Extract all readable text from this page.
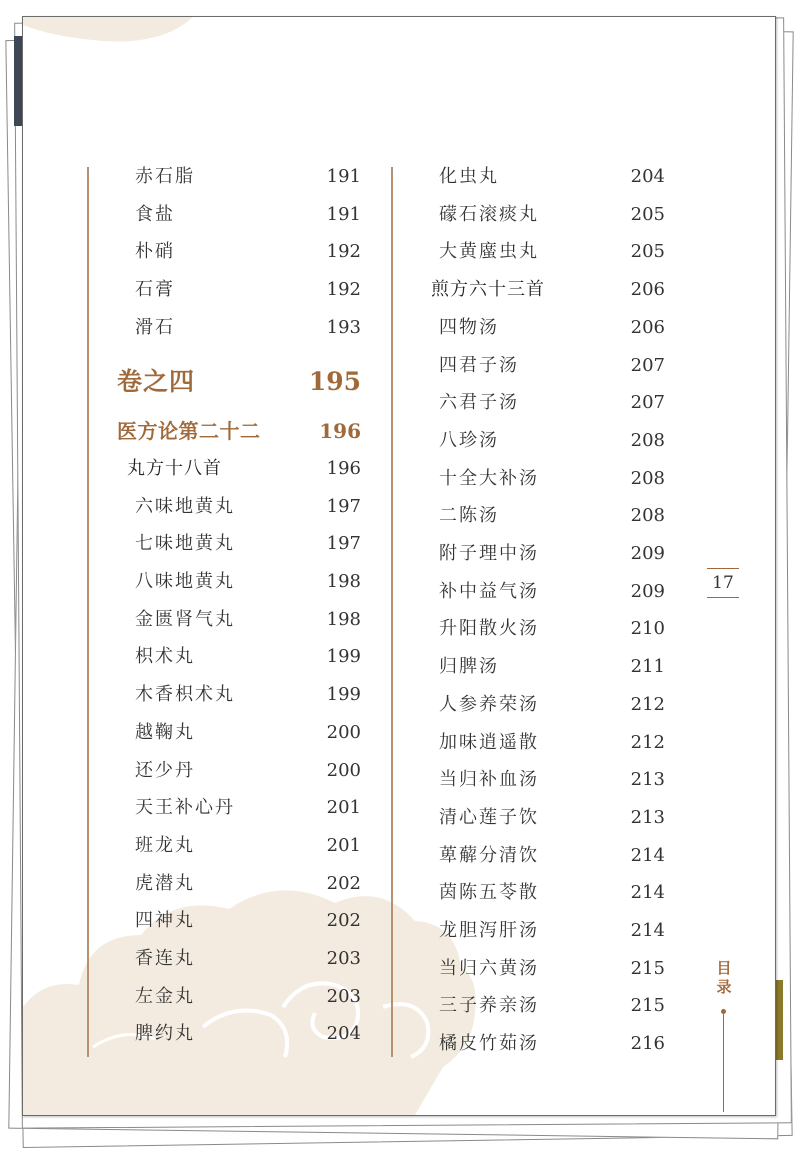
赤石脂	191
食盐	191
朴硝	192
石膏	192
滑石	193
卷之四	195
医方论第二十二	196
丸方十八首	196
六味地黄丸	197
七味地黄丸	197
八味地黄丸	198
金匮肾气丸	198
枳术丸	199
木香枳术丸	199
越鞠丸	200
还少丹	200
天王补心丹	201
班龙丸	201
虎潜丸	202
四神丸	202
香连丸	203
左金丸	203
脾约丸	204
化虫丸	204
礞石滚痰丸	205
大黄䗪虫丸	205
煎方六十三首	206
四物汤	206
四君子汤	207
六君子汤	207
八珍汤	208
十全大补汤	208
二陈汤	208
附子理中汤	209
补中益气汤	209
升阳散火汤	210
归脾汤	211
人参养荣汤	212
加味逍遥散	212
当归补血汤	213
清心莲子饮	213
萆薢分清饮	214
茵陈五苓散	214
龙胆泻肝汤	214
当归六黄汤	215
三子养亲汤	215
橘皮竹茹汤	216
17
目录
